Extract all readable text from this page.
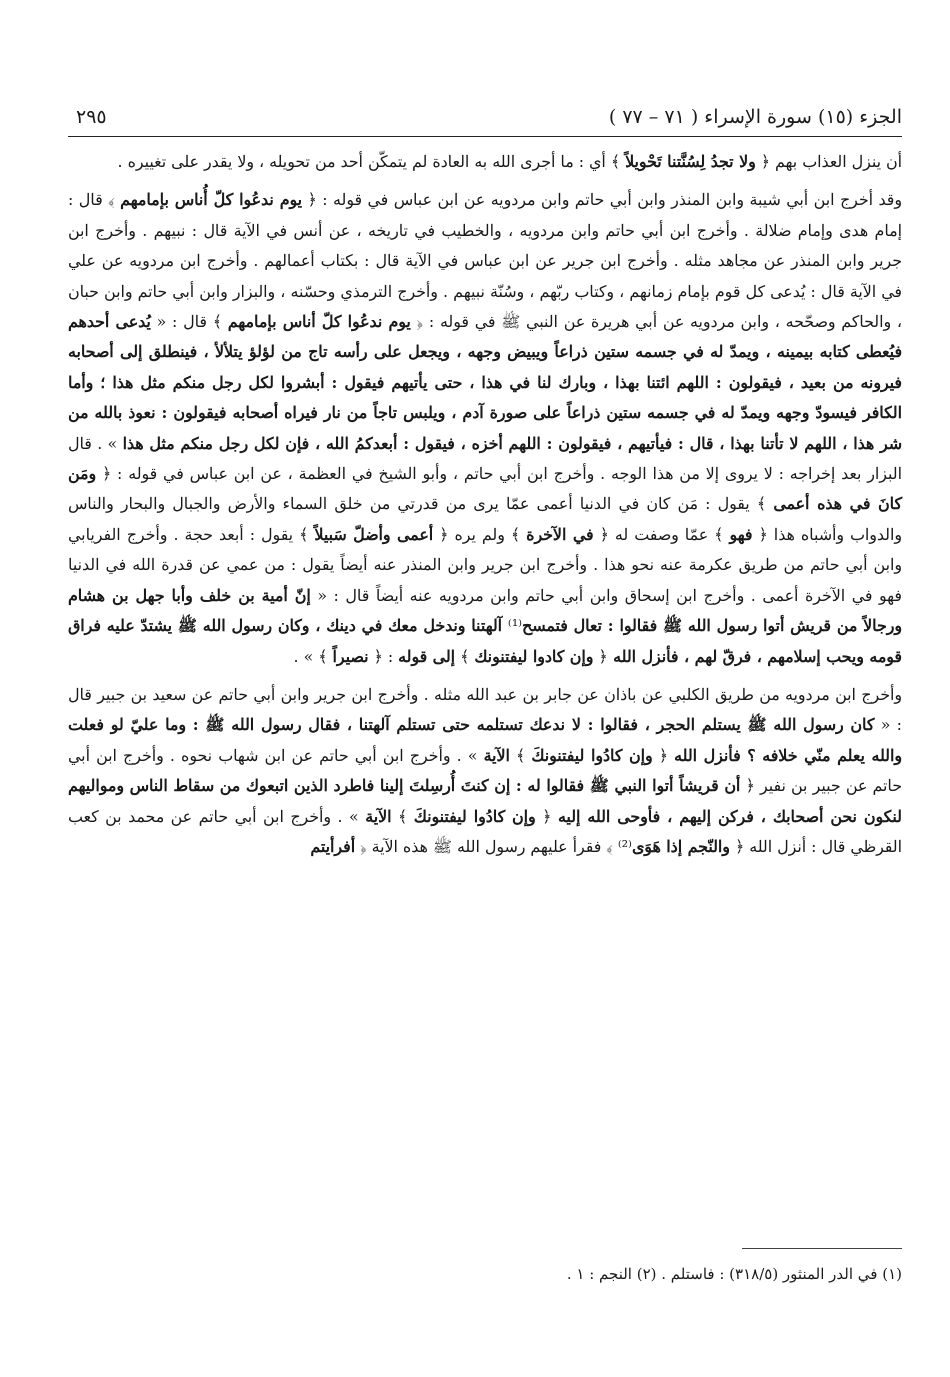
الجزء (١٥) سورة الإسراء ( ٧١ – ٧٧ )
٢٩٥

أن ينزل العذاب بهم ﴿ ولا تجدُ لِسُنَّتنا تَحْويلاً ﴾ أي : ما أجرى الله به العادة لم يتمكّن أحد من تحويله ، ولا يقدر على تغييره .

وقد أخرج ابن أبي شيبة وابن المنذر وابن أبي حاتم وابن مردويه عن ابن عباس في قوله : ﴿ يوم ندعُوا كلّ أُناس بإمامهم ﴾ قال : إمام هدى وإمام ضلالة . وأخرج ابن أبي حاتم وابن مردويه ، والخطيب في تاريخه ، عن أنس في الآية قال : نبيهم . وأخرج ابن جرير وابن المنذر عن مجاهد مثله . وأخرج ابن جرير عن ابن عباس في الآية قال : بكتاب أعمالهم . وأخرج ابن مردويه عن علي في الآية قال : يُدعى كل قوم بإمام زمانهم ، وكتاب ربّهم ، وسُنّة نبيهم . وأخرج الترمذي وحسّنه ، والبزار وابن أبي حاتم وابن حبان ، والحاكم وصحّحه ، وابن مردويه عن أبي هريرة عن النبي ﷺ في قوله : ﴿ يوم ندعُوا كلّ أناس بإمامهم ﴾ قال : « يُدعى أحدهم فيُعطى كتابه بيمينه ، ويمدّ له في جسمه ستين ذراعاً ويبيض وجهه ، ويجعل على رأسه تاج من لؤلؤ يتلألأ ، فينطلق إلى أصحابه فيرونه من بعيد ، فيقولون : اللهم ائتنا بهذا ، وبارك لنا في هذا ، حتى يأتيهم فيقول : أبشروا لكل رجل منكم مثل هذا ؛ وأما الكافر فيسودّ وجهه ويمدّ له في جسمه ستين ذراعاً على صورة آدم ، ويلبس تاجاً من نار فيراه أصحابه فيقولون : نعوذ بالله من شر هذا ، اللهم لا تأتنا بهذا ، قال : فيأتيهم ، فيقولون : اللهم أخزه ، فيقول : أبعدكمُ الله ، فإن لكل رجل منكم مثل هذا » . قال البزار بعد إخراجه : لا يروى إلا من هذا الوجه . وأخرج ابن أبي حاتم ، وأبو الشيخ في العظمة ، عن ابن عباس في قوله : ﴿ ومَن كانَ في هذه أعمى ﴾ يقول : مَن كان في الدنيا أعمى عمّا يرى من قدرتي من خلق السماء والأرض والجبال والبحار والناس والدواب وأشباه هذا ﴿ فهو ﴾ عمّا وصفت له ﴿ في الآخرة ﴾ ولم يره ﴿ أعمى وأضلّ سَبيلاً ﴾ يقول : أبعد حجة . وأخرج الفريابي وابن أبي حاتم من طريق عكرمة عنه نحو هذا . وأخرج ابن جرير وابن المنذر عنه أيضاً يقول : من عمي عن قدرة الله في الدنيا فهو في الآخرة أعمى . وأخرج ابن إسحاق وابن أبي حاتم وابن مردويه عنه أيضاً قال : « إنّ أمية بن خلف وأبا جهل بن هشام ورجالاً من قريش أتوا رسول الله ﷺ فقالوا : تعال فتمسح⁽¹⁾ آلهتنا وندخل معك في دينك ، وكان رسول الله ﷺ يشتدّ عليه فراق قومه ويحب إسلامهم ، فرقّ لهم ، فأنزل الله ﴿ وإن كادوا ليفتنونك ﴾ إلى قوله : ﴿ نصيراً ﴾ » .

وأخرج ابن مردويه من طريق الكلبي عن باذان عن جابر بن عبد الله مثله . وأخرج ابن جرير وابن أبي حاتم عن سعيد بن جبير قال : « كان رسول الله ﷺ يستلم الحجر ، فقالوا : لا ندعك تستلمه حتى تستلم آلهتنا ، فقال رسول الله ﷺ : وما عليّ لو فعلت والله يعلم منّي خلافه ؟ فأنزل الله ﴿ وإن كادُوا ليفتنونكَ ﴾ الآية » . وأخرج ابن أبي حاتم عن ابن شهاب نحوه . وأخرج ابن أبي حاتم عن جبير بن نفير ﴿ أن قريشاً أتوا النبي ﷺ فقالوا له : إن كنتَ أُرسِلتَ إلينا فاطرد الذين اتبعوك من سقاط الناس ومواليهم لنكون نحن أصحابك ، فركن إليهم ، فأوحى الله إليه ﴿ وإن كادُوا ليفتنونكَ ﴾ الآية » . وأخرج ابن أبي حاتم عن محمد بن كعب القرظي قال : أنزل الله ﴿ والنّجم إذا هَوَى⁽²⁾ ﴾ فقرأ عليهم رسول الله ﷺ هذه الآية ﴿ أفرأيتم

(١) في الدر المنثور (٣١٨/٥) : فاستلم . (٢) النجم : ١ .
